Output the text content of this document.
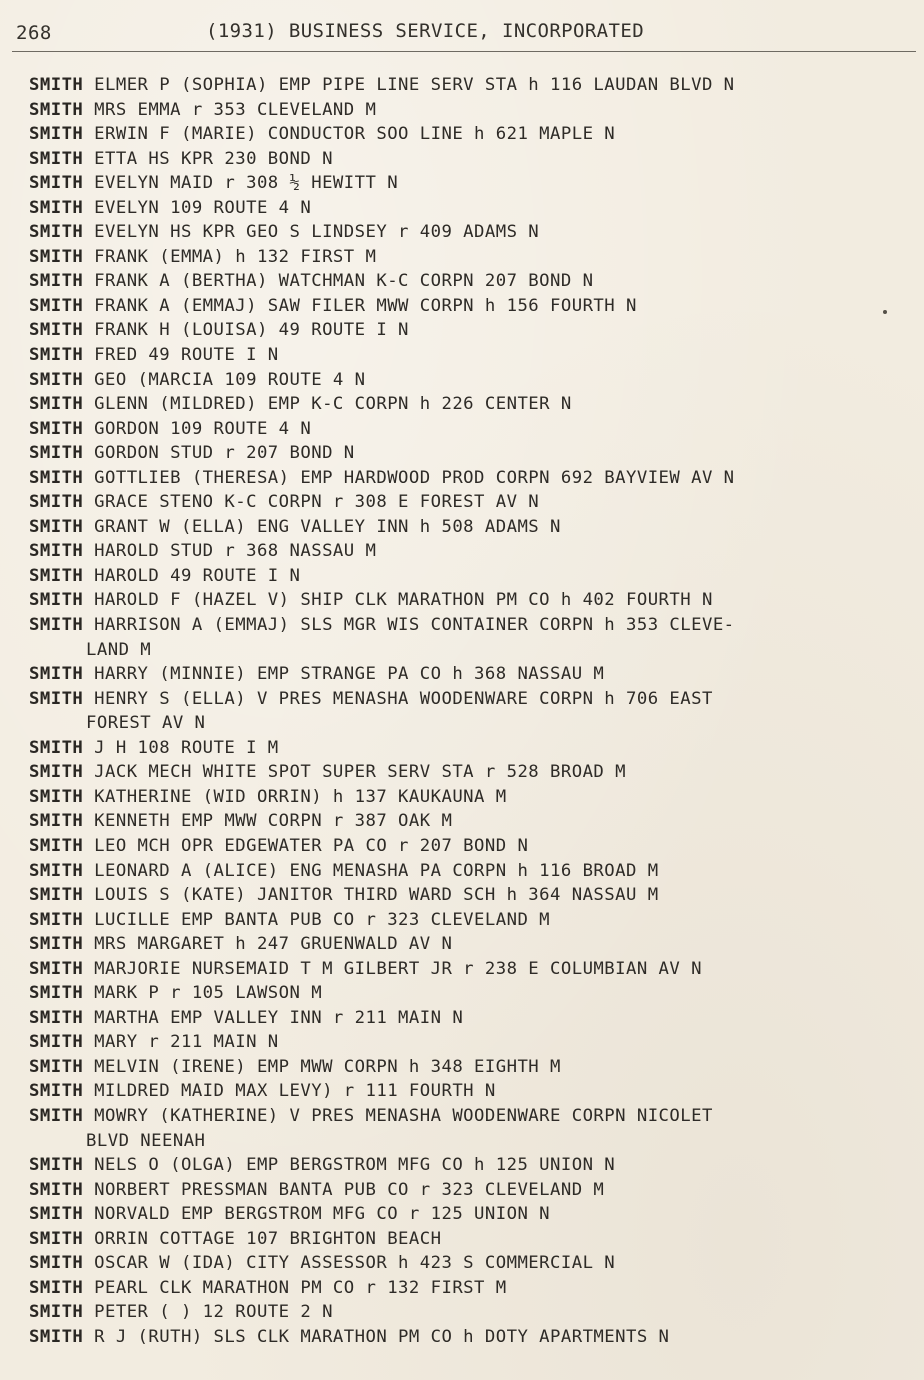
268	(1931) BUSINESS SERVICE, INCORPORATED
SMITH ELMER P (SOPHIA) EMP PIPE LINE SERV STA h 116 LAUDAN BLVD N
SMITH MRS EMMA r 353 CLEVELAND M
SMITH ERWIN F (MARIE) CONDUCTOR SOO LINE h 621 MAPLE N
SMITH ETTA HS KPR 230 BOND N
SMITH EVELYN MAID r 308 ½ HEWITT N
SMITH EVELYN 109 ROUTE 4 N
SMITH EVELYN HS KPR GEO S LINDSEY r 409 ADAMS N
SMITH FRANK (EMMA) h 132 FIRST M
SMITH FRANK A (BERTHA) WATCHMAN K-C CORPN 207 BOND N
SMITH FRANK A (EMMAJ) SAW FILER MWW CORPN h 156 FOURTH N
SMITH FRANK H (LOUISA) 49 ROUTE I N
SMITH FRED 49 ROUTE I N
SMITH GEO (MARCIA 109 ROUTE 4 N
SMITH GLENN (MILDRED) EMP K-C CORPN h 226 CENTER N
SMITH GORDON 109 ROUTE 4 N
SMITH GORDON STUD r 207 BOND N
SMITH GOTTLIEB (THERESA) EMP HARDWOOD PROD CORPN 692 BAYVIEW AV N
SMITH GRACE STENO K-C CORPN r 308 E FOREST AV N
SMITH GRANT W (ELLA) ENG VALLEY INN h 508 ADAMS N
SMITH HAROLD STUD r 368 NASSAU M
SMITH HAROLD 49 ROUTE I N
SMITH HAROLD F (HAZEL V) SHIP CLK MARATHON PM CO h 402 FOURTH N
SMITH HARRISON A (EMMAJ) SLS MGR WIS CONTAINER CORPN h 353 CLEVE-
LAND M
SMITH HARRY (MINNIE) EMP STRANGE PA CO h 368 NASSAU M
SMITH HENRY S (ELLA) V PRES MENASHA WOODENWARE CORPN h 706 EAST
FOREST AV N
SMITH J H 108 ROUTE I M
SMITH JACK MECH WHITE SPOT SUPER SERV STA r 528 BROAD M
SMITH KATHERINE (WID ORRIN) h 137 KAUKAUNA M
SMITH KENNETH EMP MWW CORPN r 387 OAK M
SMITH LEO MCH OPR EDGEWATER PA CO r 207 BOND N
SMITH LEONARD A (ALICE) ENG MENASHA PA CORPN h 116 BROAD M
SMITH LOUIS S (KATE) JANITOR THIRD WARD SCH h 364 NASSAU M
SMITH LUCILLE EMP BANTA PUB CO r 323 CLEVELAND M
SMITH MRS MARGARET h 247 GRUENWALD AV N
SMITH MARJORIE NURSEMAID T M GILBERT JR r 238 E COLUMBIAN AV N
SMITH MARK P r 105 LAWSON M
SMITH MARTHA EMP VALLEY INN r 211 MAIN N
SMITH MARY r 211 MAIN N
SMITH MELVIN (IRENE) EMP MWW CORPN h 348 EIGHTH M
SMITH MILDRED MAID MAX LEVY) r 111 FOURTH N
SMITH MOWRY (KATHERINE) V PRES MENASHA WOODENWARE CORPN NICOLET
BLVD NEENAH
SMITH NELS O (OLGA) EMP BERGSTROM MFG CO h 125 UNION N
SMITH NORBERT PRESSMAN BANTA PUB CO r 323 CLEVELAND M
SMITH NORVALD EMP BERGSTROM MFG CO r 125 UNION N
SMITH ORRIN COTTAGE 107 BRIGHTON BEACH
SMITH OSCAR W (IDA) CITY ASSESSOR h 423 S COMMERCIAL N
SMITH PEARL CLK MARATHON PM CO r 132 FIRST M
SMITH PETER ( ) 12 ROUTE 2 N
SMITH R J (RUTH) SLS CLK MARATHON PM CO h DOTY APARTMENTS N
